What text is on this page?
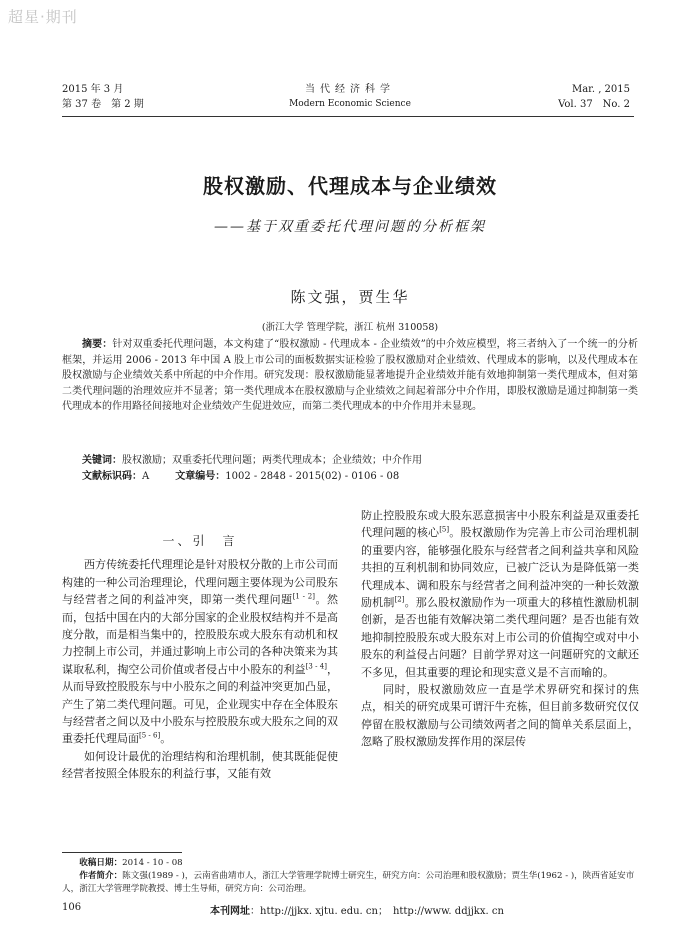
超星·期刊
2015 年 3 月
第 37 卷　第 2 期
当代经济科学
Modern Economic Science
Mar. , 2015
Vol. 37　No. 2
股权激励、代理成本与企业绩效
——基于双重委托代理问题的分析框架
陈文强，贾生华
(浙江大学 管理学院，浙江 杭州 310058)

摘要：针对双重委托代理问题，本文构建了“股权激励 - 代理成本 - 企业绩效”的中介效应模型，将三者纳入了一个统一的分析框架，并运用 2006 - 2013 年中国 A 股上市公司的面板数据实证检验了股权激励对企业绩效、代理成本的影响，以及代理成本在股权激励与企业绩效关系中所起的中介作用。研究发现：股权激励能显著地提升企业绩效并能有效地抑制第一类代理成本，但对第二类代理问题的治理效应并不显著；第一类代理成本在股权激励与企业绩效之间起着部分中介作用，即股权激励是通过抑制第一类代理成本的作用路径间接地对企业绩效产生促进效应，而第二类代理成本的中介作用并未显现。

关键词：股权激励；双重委托代理问题；两类代理成本；企业绩效；中介作用
文献标识码：A	文章编号：1002 - 2848 - 2015(02) - 0106 - 08

一、引　言

西方传统委托代理理论是针对股权分散的上市公司而构建的一种公司治理理论，代理问题主要体现为公司股东与经营者之间的利益冲突，即第一类代理问题[1 - 2]。然而，包括中国在内的大部分国家的企业股权结构并不是高度分散，而是相当集中的，控股股东或大股东有动机和权力控制上市公司，并通过影响上市公司的各种决策来为其谋取私利，掏空公司价值或者侵占中小股东的利益[3 - 4]，从而导致控股股东与中小股东之间的利益冲突更加凸显，产生了第二类代理问题。可见，企业现实中存在全体股东与经营者之间以及中小股东与控股股东或大股东之间的双重委托代理局面[5 - 6]。

如何设计最优的治理结构和治理机制，使其既能促使经营者按照全体股东的利益行事，又能有效

防止控股股东或大股东恶意损害中小股东利益是双重委托代理问题的核心[5]。股权激励作为完善上市公司治理机制的重要内容，能够强化股东与经营者之间利益共享和风险共担的互利机制和协同效应，已被广泛认为是降低第一类代理成本、调和股东与经营者之间利益冲突的一种长效激励机制[2]。那么股权激励作为一项重大的移植性激励机制创新，是否也能有效解决第二类代理问题？是否也能有效地抑制控股股东或大股东对上市公司的价值掏空或对中小股东的利益侵占问题？目前学界对这一问题研究的文献还不多见，但其重要的理论和现实意义是不言而喻的。

同时，股权激励效应一直是学术界研究和探讨的焦点，相关的研究成果可谓汗牛充栋，但目前多数研究仅仅停留在股权激励与公司绩效两者之间的简单关系层面上，忽略了股权激励发挥作用的深层传

收稿日期：2014 - 10 - 08

作者简介：陈文强(1989 - )，云南省曲靖市人，浙江大学管理学院博士研究生，研究方向：公司治理和股权激励；贾生华(1962 - )，陕西省延安市人，浙江大学管理学院教授、博士生导师，研究方向：公司治理。

106	本刊网址：http://jjkx. xjtu. edu. cn；　http://www. ddjjkx. cn
